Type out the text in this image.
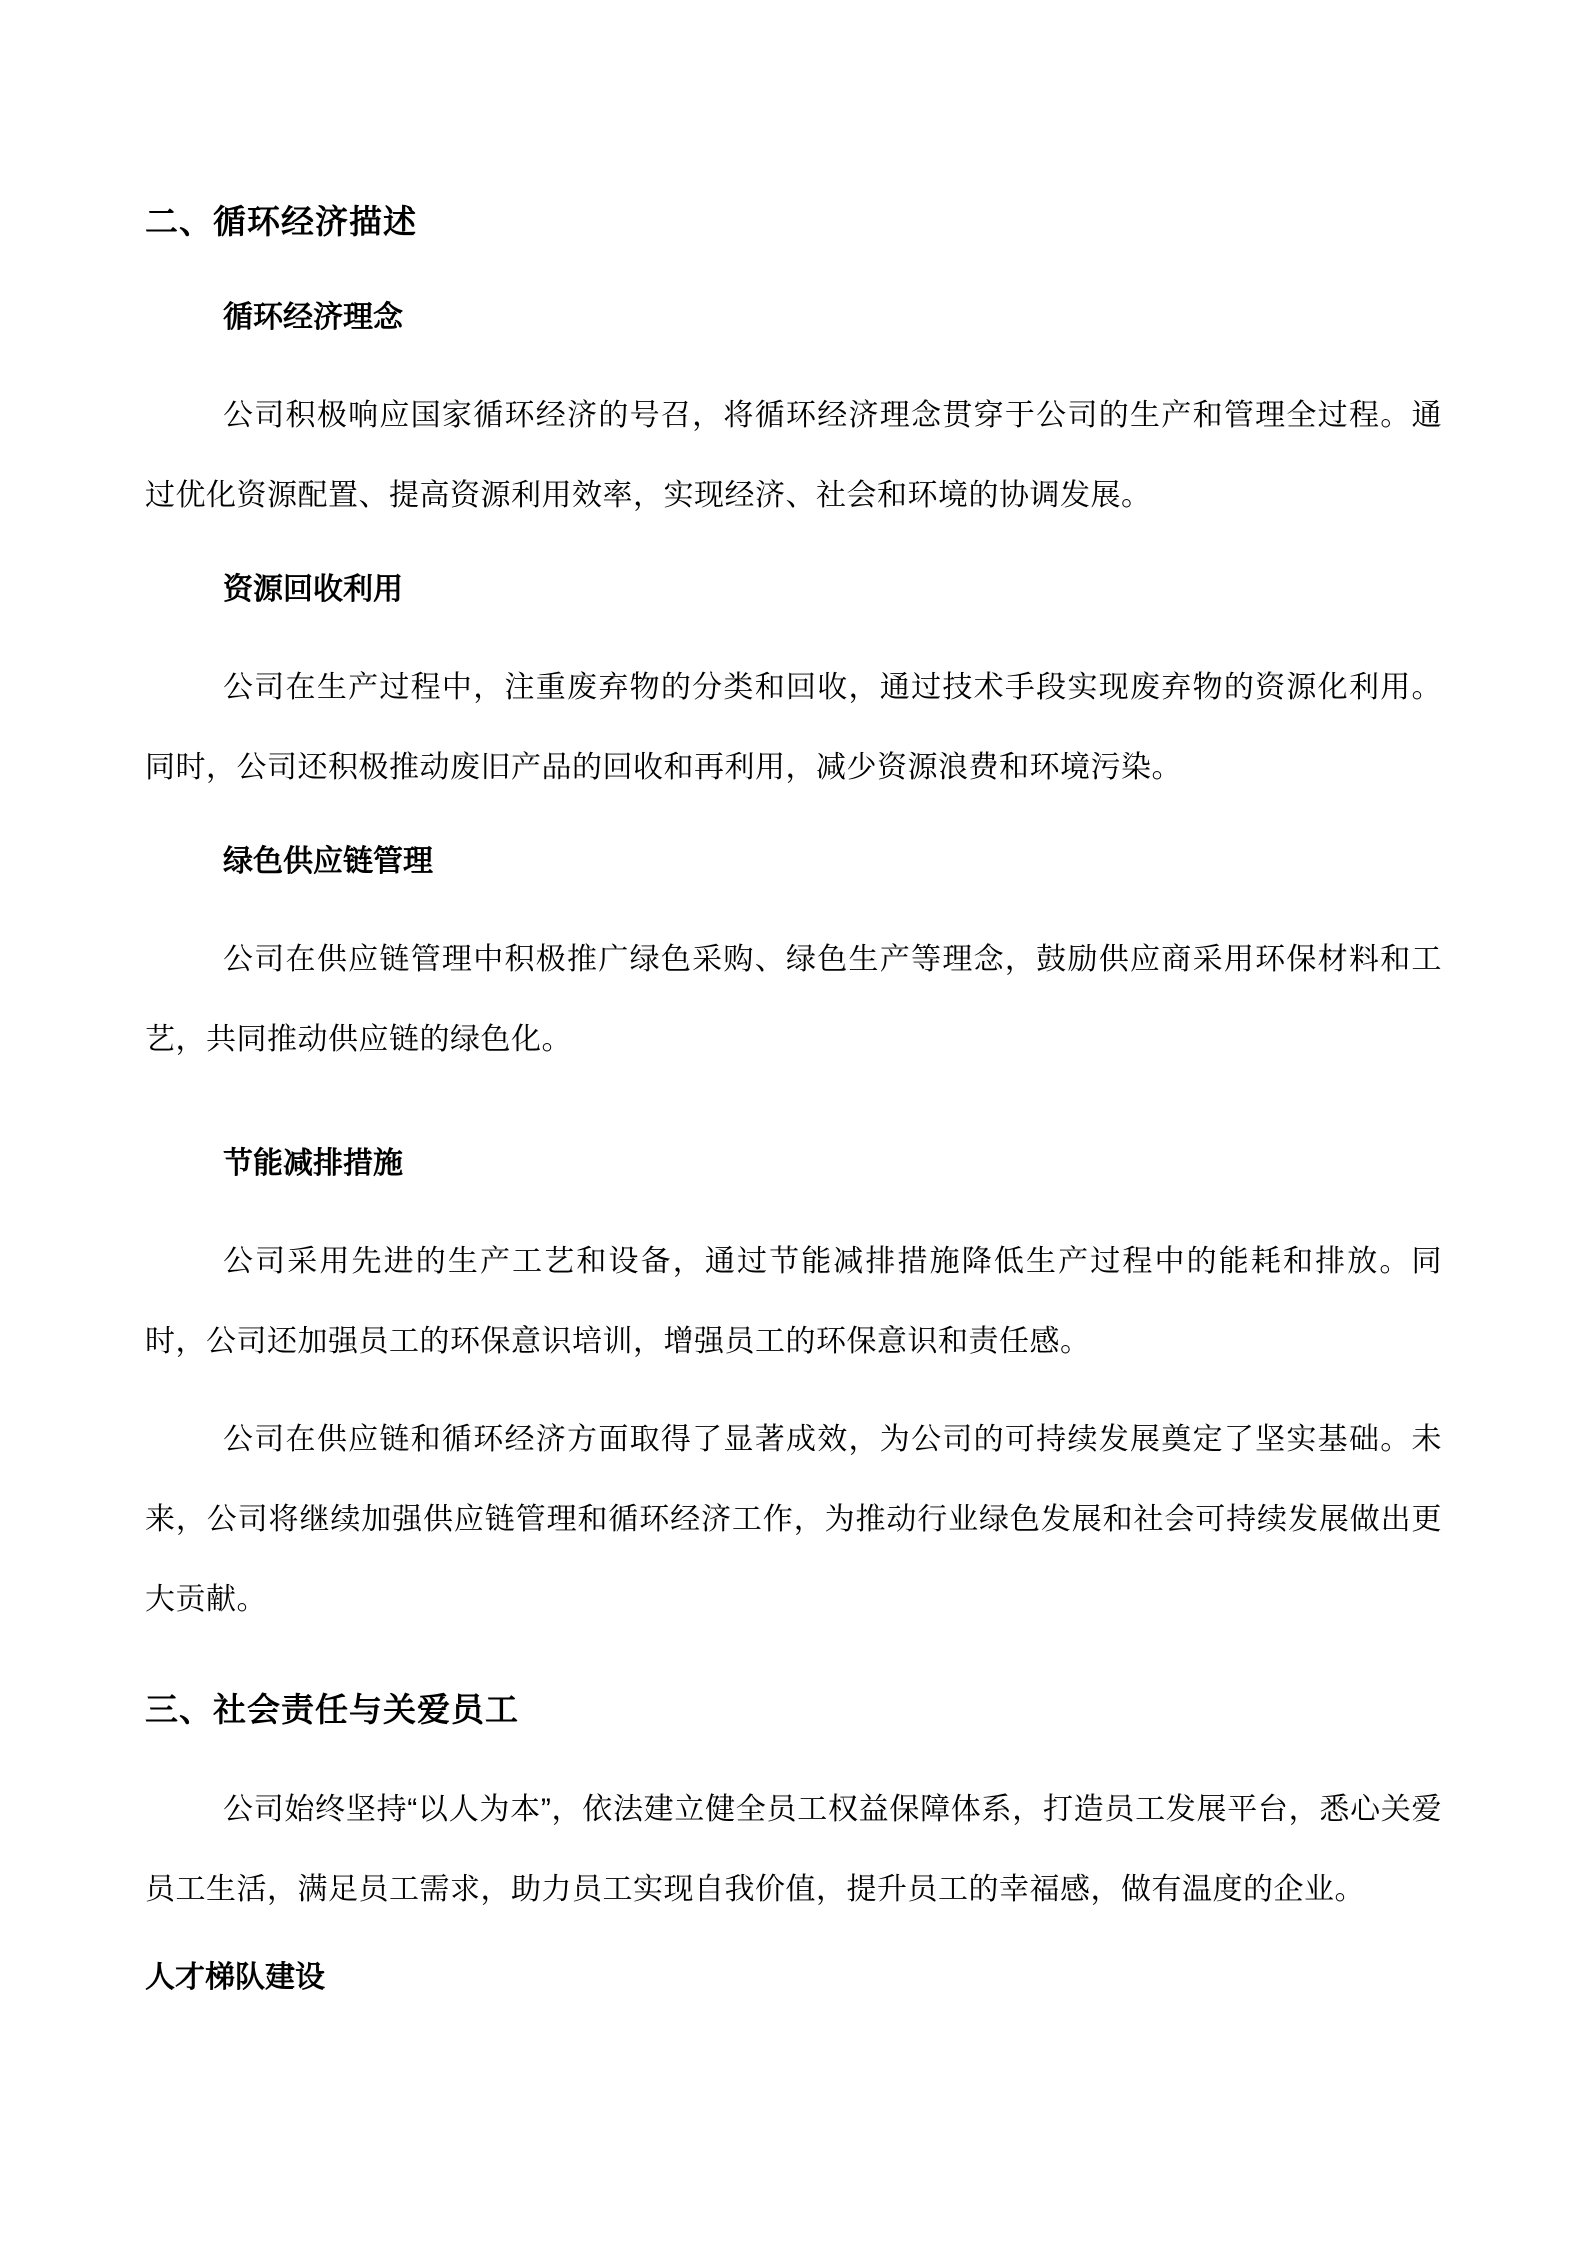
二、循环经济描述
循环经济理念

公司积极响应国家循环经济的号召，将循环经济理念贯穿于公司的生产和管理全过程。通过优化资源配置、提高资源利用效率，实现经济、社会和环境的协调发展。

资源回收利用

公司在生产过程中，注重废弃物的分类和回收，通过技术手段实现废弃物的资源化利用。同时，公司还积极推动废旧产品的回收和再利用，减少资源浪费和环境污染。

绿色供应链管理

公司在供应链管理中积极推广绿色采购、绿色生产等理念，鼓励供应商采用环保材料和工艺，共同推动供应链的绿色化。

节能减排措施

公司采用先进的生产工艺和设备，通过节能减排措施降低生产过程中的能耗和排放。同时，公司还加强员工的环保意识培训，增强员工的环保意识和责任感。

公司在供应链和循环经济方面取得了显著成效，为公司的可持续发展奠定了坚实基础。未来，公司将继续加强供应链管理和循环经济工作，为推动行业绿色发展和社会可持续发展做出更大贡献。

三、社会责任与关爱员工

公司始终坚持“以人为本”，依法建立健全员工权益保障体系，打造员工发展平台，悉心关爱员工生活，满足员工需求，助力员工实现自我价值，提升员工的幸福感，做有温度的企业。

人才梯队建设
